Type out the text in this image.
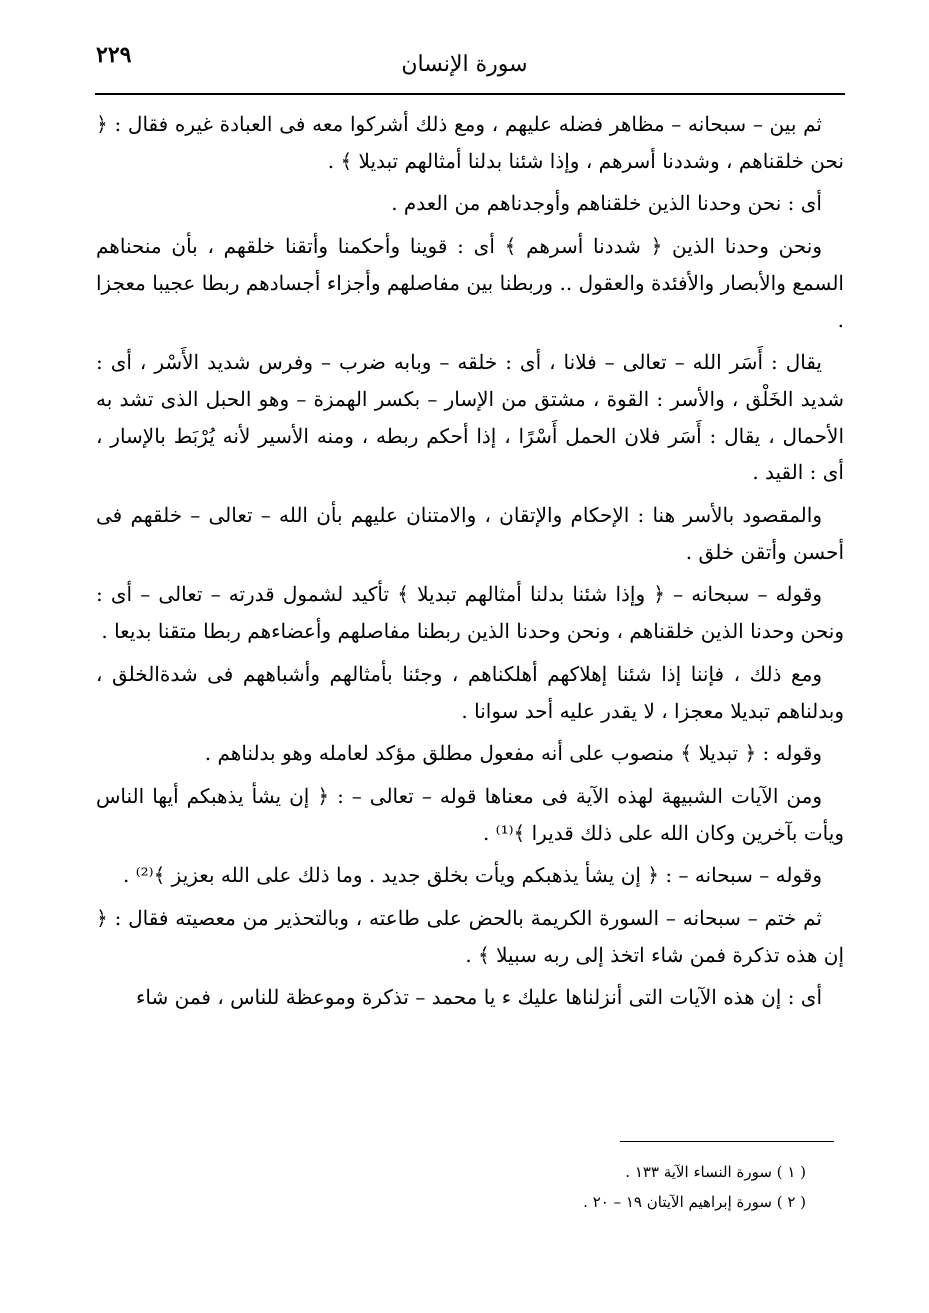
٢٢٩	سورة الإنسان

ثم بين – سبحانه – مظاهر فضله عليهم ، ومع ذلك أشركوا معه فى العبادة غيره فقال : ﴿ نحن خلقناهم ، وشددنا أسرهم ، وإذا شئنا بدلنا أمثالهم تبديلا ﴾ .

أى : نحن وحدنا الذين خلقناهم وأوجدناهم من العدم .

ونحن وحدنا الذين ﴿ شددنا أسرهم ﴾ أى : قوينا وأحكمنا وأتقنا خلقهم ، بأن منحناهم السمع والأبصار والأفئدة والعقول .. وربطنا بين مفاصلهم وأجزاء أجسادهم ربطا عجيبا معجزا .

يقال : أَسَر الله – تعالى – فلانا ، أى : خلقه – وبابه ضرب – وفرس شديد الأَسْر ، أى : شديد الخَلْق ، والأسر : القوة ، مشتق من الإسار – بكسر الهمزة – وهو الحبل الذى تشد به الأحمال ، يقال : أَسَر فلان الحمل أَسْرًا ، إذا أحكم ربطه ، ومنه الأسير لأنه يُرْبَط بالإسار ، أى : القيد .

والمقصود بالأسر هنا : الإحكام والإتقان ، والامتنان عليهم بأن الله – تعالى – خلقهم فى أحسن وأتقن خلق .

وقوله – سبحانه – ﴿ وإذا شئنا بدلنا أمثالهم تبديلا ﴾ تأكيد لشمول قدرته – تعالى – أى : ونحن وحدنا الذين خلقناهم ، ونحن وحدنا الذين ربطنا مفاصلهم وأعضاءهم ربطا متقنا بديعا .

ومع ذلك ، فإننا إذا شئنا إهلاكهم أهلكناهم ، وجئنا بأمثالهم وأشباههم فى شدةالخلق ، وبدلناهم تبديلا معجزا ، لا يقدر عليه أحد سوانا .

وقوله : ﴿ تبديلا ﴾ منصوب على أنه مفعول مطلق مؤكد لعامله وهو بدلناهم .

ومن الآيات الشبيهة لهذه الآية فى معناها قوله – تعالى – : ﴿ إن يشأ يذهبكم أيها الناس ويأت بآخرين وكان الله على ذلك قديرا ﴾⁽¹⁾ .

وقوله – سبحانه – : ﴿ إن يشأ يذهبكم ويأت بخلق جديد . وما ذلك على الله بعزيز ﴾⁽²⁾ .

ثم ختم – سبحانه – السورة الكريمة بالحض على طاعته ، وبالتحذير من معصيته فقال : ﴿ إن هذه تذكرة فمن شاء اتخذ إلى ربه سبيلا ﴾ .

أى : إن هذه الآيات التى أنزلناها عليك ء يا محمد – تذكرة وموعظة للناس ، فمن شاء

( ١ ) سورة النساء الآية ١٣٣ .
( ٢ ) سورة إبراهيم الآيتان ١٩ – ٢٠ .
